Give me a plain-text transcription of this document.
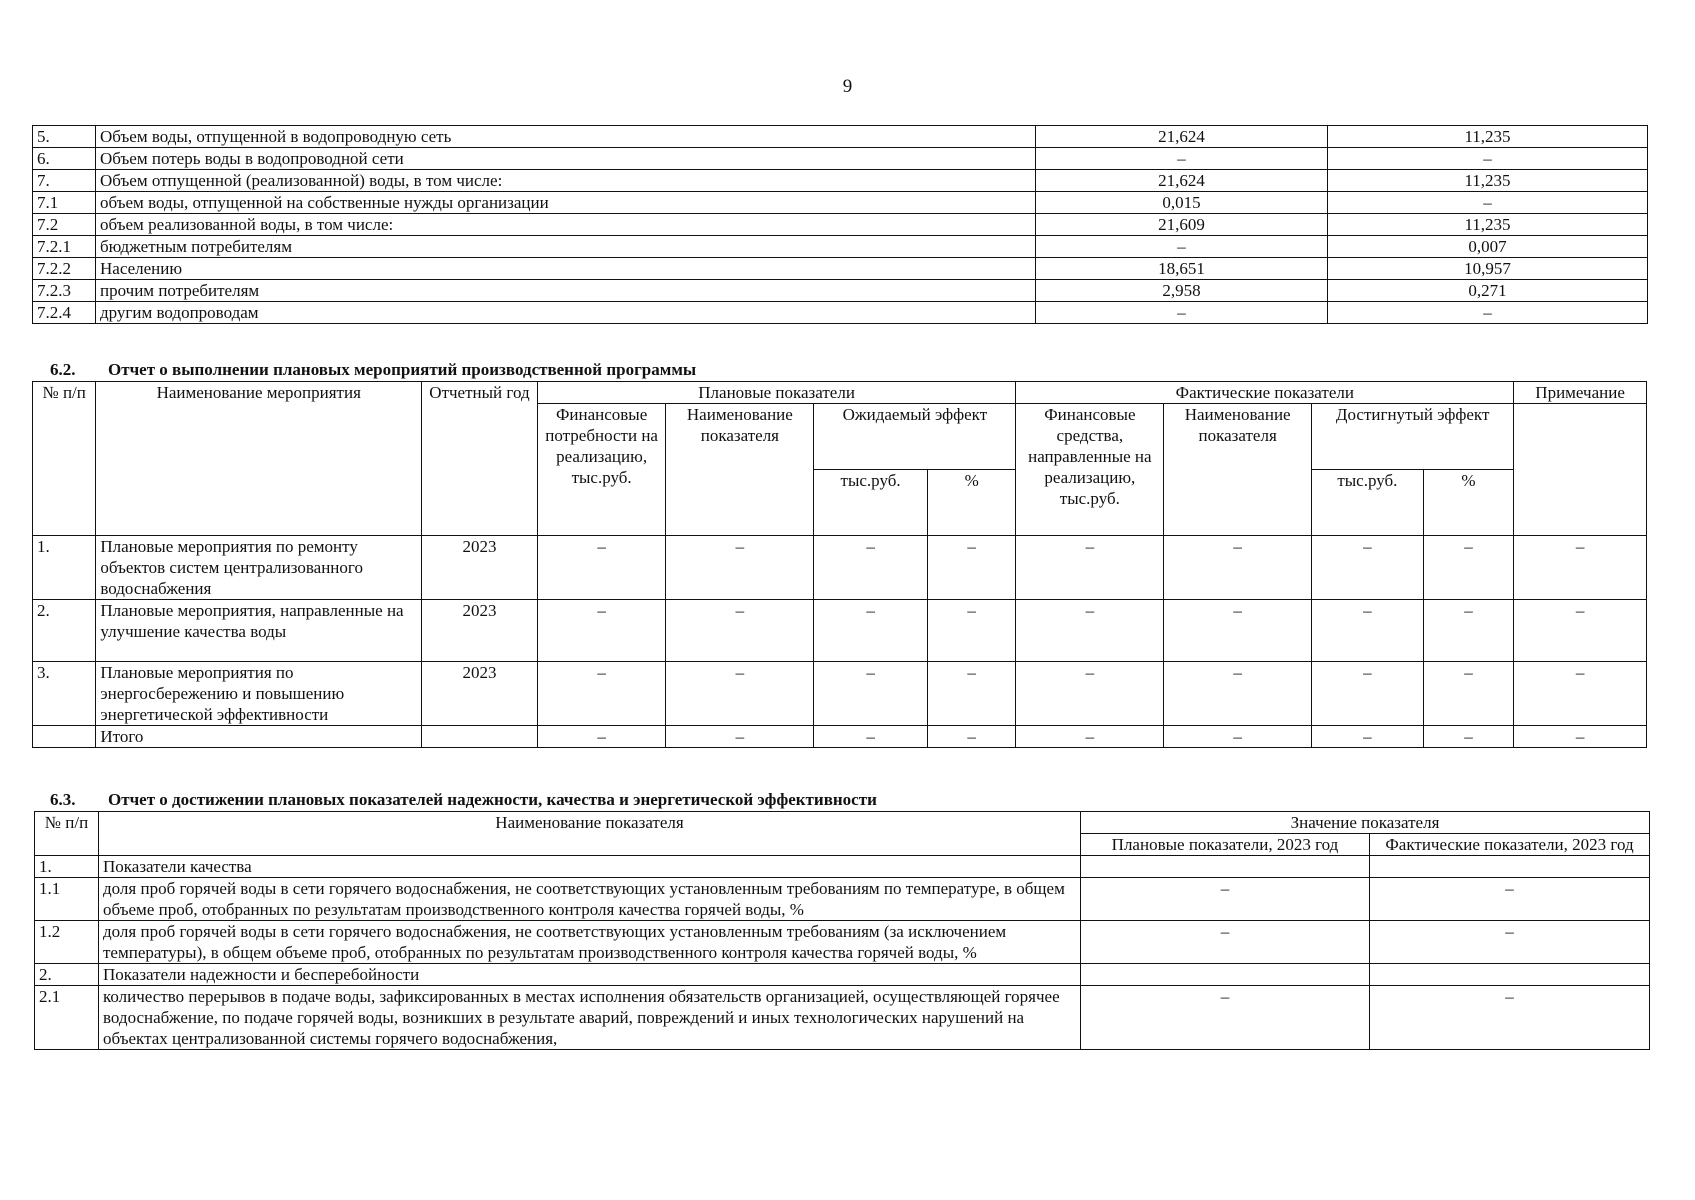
9
5.	Объем воды, отпущенной в водопроводную сеть	21,624	11,235
6.	Объем потерь воды в водопроводной сети	–	–
7.	Объем отпущенной (реализованной) воды, в том числе:	21,624	11,235
7.1	объем воды, отпущенной на собственные нужды организации	0,015	–
7.2	объем реализованной воды, в том числе:	21,609	11,235
7.2.1	бюджетным потребителям	–	0,007
7.2.2	Населению	18,651	10,957
7.2.3	прочим потребителям	2,958	0,271
7.2.4	другим водопроводам	–	–
6.2. Отчет о выполнении плановых мероприятий производственной программы
№ п/п	Наименование мероприятия	Отчетный год	Плановые показатели				Фактические показатели				Примечание
			Финансовые потребности на реализацию, тыс.руб.	Наименование показателя	Ожидаемый эффект		Финансовые средства, направленные на реализацию, тыс.руб.	Наименование показателя	Достигнутый эффект		
					тыс.руб.	%			тыс.руб.	%	
1.	Плановые мероприятия по ремонту объектов систем централизованного водоснабжения	2023	–	–	–	–	–	–	–	–	–
2.	Плановые мероприятия, направленные на улучшение качества воды	2023	–	–	–	–	–	–	–	–	–
3.	Плановые мероприятия по энергосбережению и повышению энергетической эффективности	2023	–	–	–	–	–	–	–	–	–
	Итого		–	–	–	–	–	–	–	–	–
6.3. Отчет о достижении плановых показателей надежности, качества и энергетической эффективности
№ п/п	Наименование показателя	Значение показателя	
		Плановые показатели, 2023 год	Фактические показатели, 2023 год
1.	Показатели качества		
1.1	доля проб горячей воды в сети горячего водоснабжения, не соответствующих установленным требованиям по температуре, в общем объеме проб, отобранных по результатам производственного контроля качества горячей воды, %	–	–
1.2	доля проб горячей воды в сети горячего водоснабжения, не соответствующих установленным требованиям (за исключением температуры), в общем объеме проб, отобранных по результатам производственного контроля качества горячей воды, %	–	–
2.	Показатели надежности и бесперебойности		
2.1	количество перерывов в подаче воды, зафиксированных в местах исполнения обязательств организацией, осуществляющей горячее водоснабжение, по подаче горячей воды, возникших в результате аварий, повреждений и иных технологических нарушений на объектах централизованной системы горячего водоснабжения,	–	–
